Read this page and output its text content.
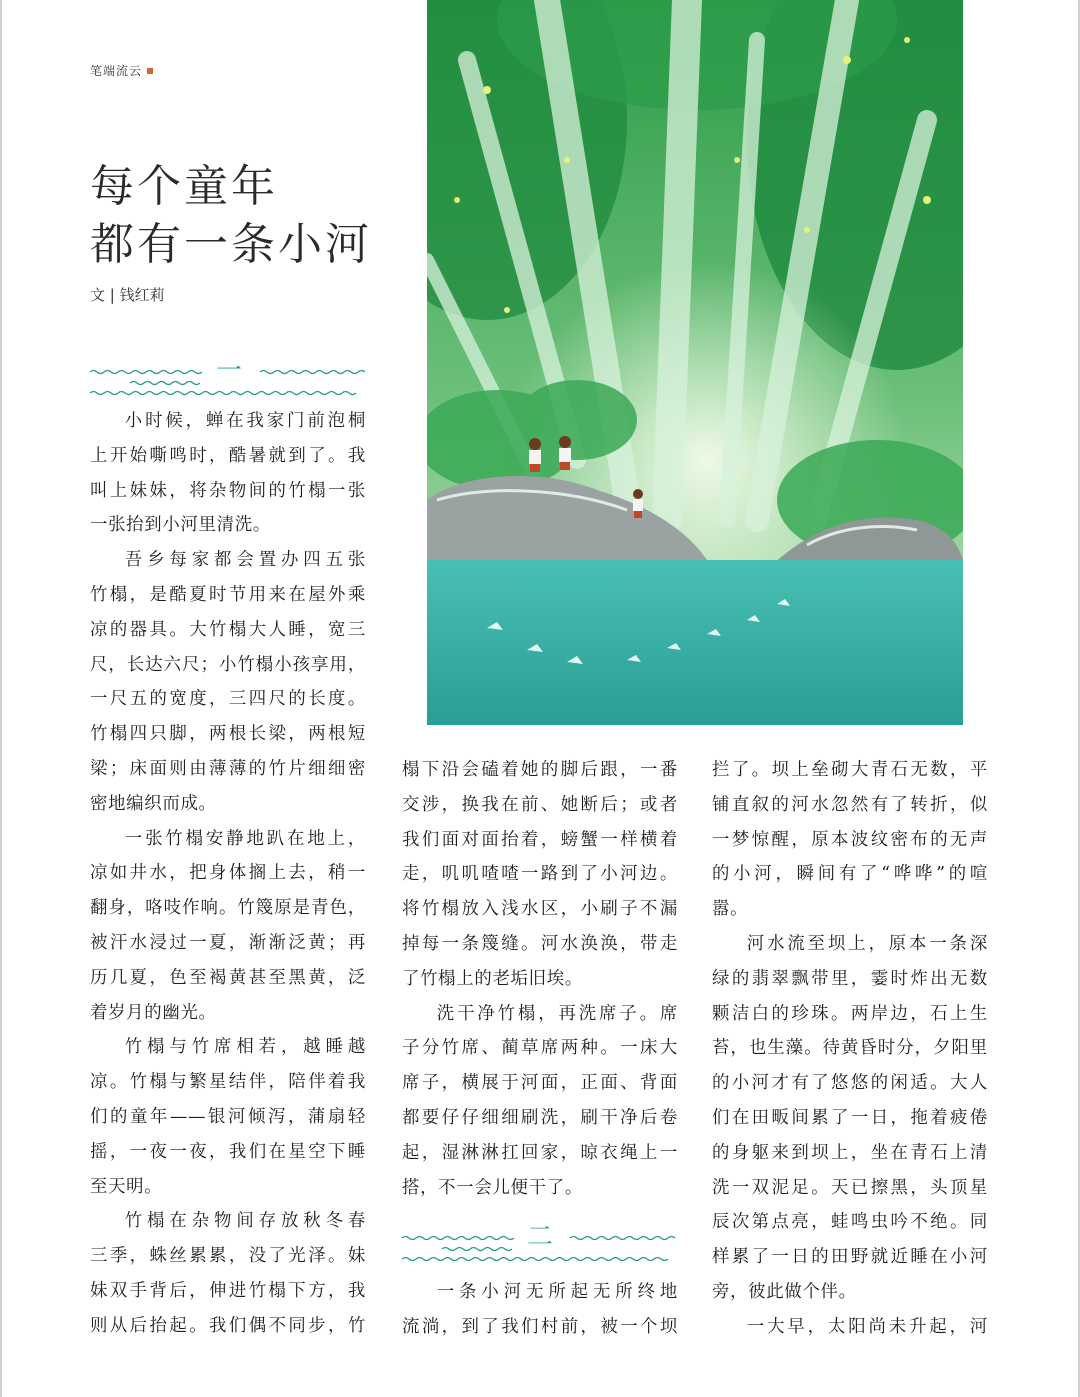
笔端流云
每个童年
都有一条小河
文 | 钱红莉
一

小时候，蝉在我家门前泡桐

上开始嘶鸣时，酷暑就到了。我

叫上妹妹，将杂物间的竹榻一张

一张抬到小河里清洗。

吾乡每家都会置办四五张

竹榻，是酷夏时节用来在屋外乘

凉的器具。大竹榻大人睡，宽三

尺，长达六尺；小竹榻小孩享用，

一尺五的宽度，三四尺的长度。

竹榻四只脚，两根长梁，两根短

梁；床面则由薄薄的竹片细细密

密地编织而成。

一张竹榻安静地趴在地上，

凉如井水，把身体搁上去，稍一

翻身，咯吱作响。竹篾原是青色，

被汗水浸过一夏，渐渐泛黄；再

历几夏，色至褐黄甚至黑黄，泛

着岁月的幽光。

竹榻与竹席相若，越睡越

凉。竹榻与繁星结伴，陪伴着我

们的童年——银河倾泻，蒲扇轻

摇，一夜一夜，我们在星空下睡

至天明。

竹榻在杂物间存放秋冬春

三季，蛛丝累累，没了光泽。妹

妹双手背后，伸进竹榻下方，我

则从后抬起。我们偶不同步，竹

榻下沿会磕着她的脚后跟，一番

交涉，换我在前、她断后；或者

我们面对面抬着，螃蟹一样横着

走，叽叽喳喳一路到了小河边。

将竹榻放入浅水区，小刷子不漏

掉每一条篾缝。河水涣涣，带走

了竹榻上的老垢旧埃。

洗干净竹榻，再洗席子。席

子分竹席、蔺草席两种。一床大

席子，横展于河面，正面、背面

都要仔仔细细刷洗，刷干净后卷

起，湿淋淋扛回家，晾衣绳上一

搭，不一会儿便干了。

二

一条小河无所起无所终地

流淌，到了我们村前，被一个坝

拦了。坝上垒砌大青石无数，平

铺直叙的河水忽然有了转折，似

一梦惊醒，原本波纹密布的无声

的小河，瞬间有了“哗哗”的喧

嚣。

河水流至坝上，原本一条深

绿的翡翠飘带里，霎时炸出无数

颗洁白的珍珠。两岸边，石上生

苔，也生藻。待黄昏时分，夕阳里

的小河才有了悠悠的闲适。大人

们在田畈间累了一日，拖着疲倦

的身躯来到坝上，坐在青石上清

洗一双泥足。天已擦黑，头顶星

辰次第点亮，蛙鸣虫吟不绝。同

样累了一日的田野就近睡在小河

旁，彼此做个伴。

一大早，太阳尚未升起，河
